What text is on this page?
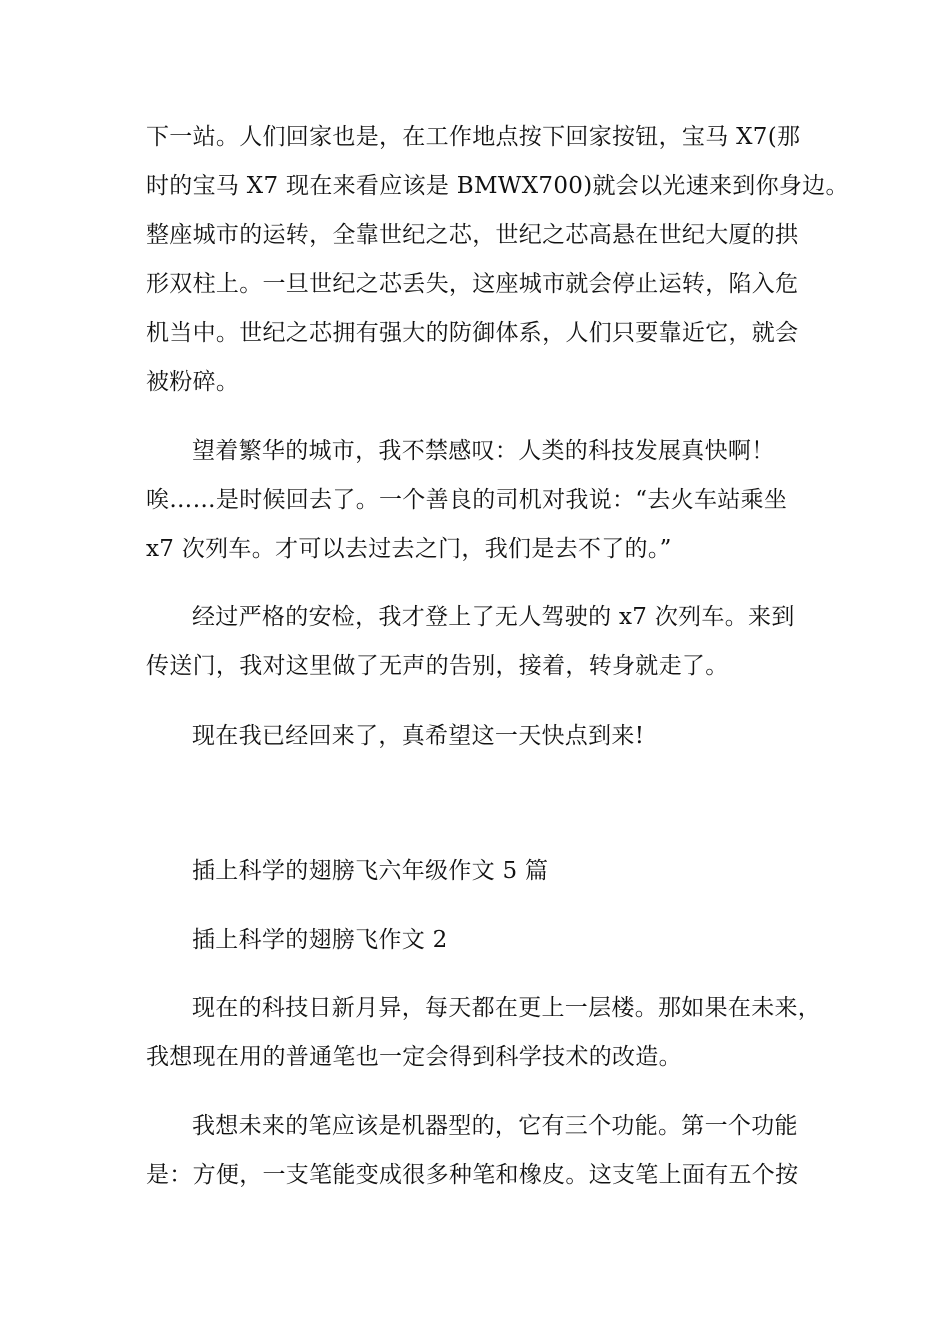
下一站。人们回家也是，在工作地点按下回家按钮，宝马 X7(那
时的宝马 X7 现在来看应该是 BMWX700)就会以光速来到你身边。
整座城市的运转，全靠世纪之芯，世纪之芯高悬在世纪大厦的拱
形双柱上。一旦世纪之芯丢失，这座城市就会停止运转，陷入危
机当中。世纪之芯拥有强大的防御体系，人们只要靠近它，就会
被粉碎。
望着繁华的城市，我不禁感叹：人类的科技发展真快啊！
唉……是时候回去了。一个善良的司机对我说：“去火车站乘坐
x7 次列车。才可以去过去之门，我们是去不了的。”
经过严格的安检，我才登上了无人驾驶的 x7 次列车。来到
传送门，我对这里做了无声的告别，接着，转身就走了。
现在我已经回来了，真希望这一天快点到来!
插上科学的翅膀飞六年级作文 5 篇
插上科学的翅膀飞作文 2
现在的科技日新月异，每天都在更上一层楼。那如果在未来，
我想现在用的普通笔也一定会得到科学技术的改造。
我想未来的笔应该是机器型的，它有三个功能。第一个功能
是：方便，一支笔能变成很多种笔和橡皮。这支笔上面有五个按
